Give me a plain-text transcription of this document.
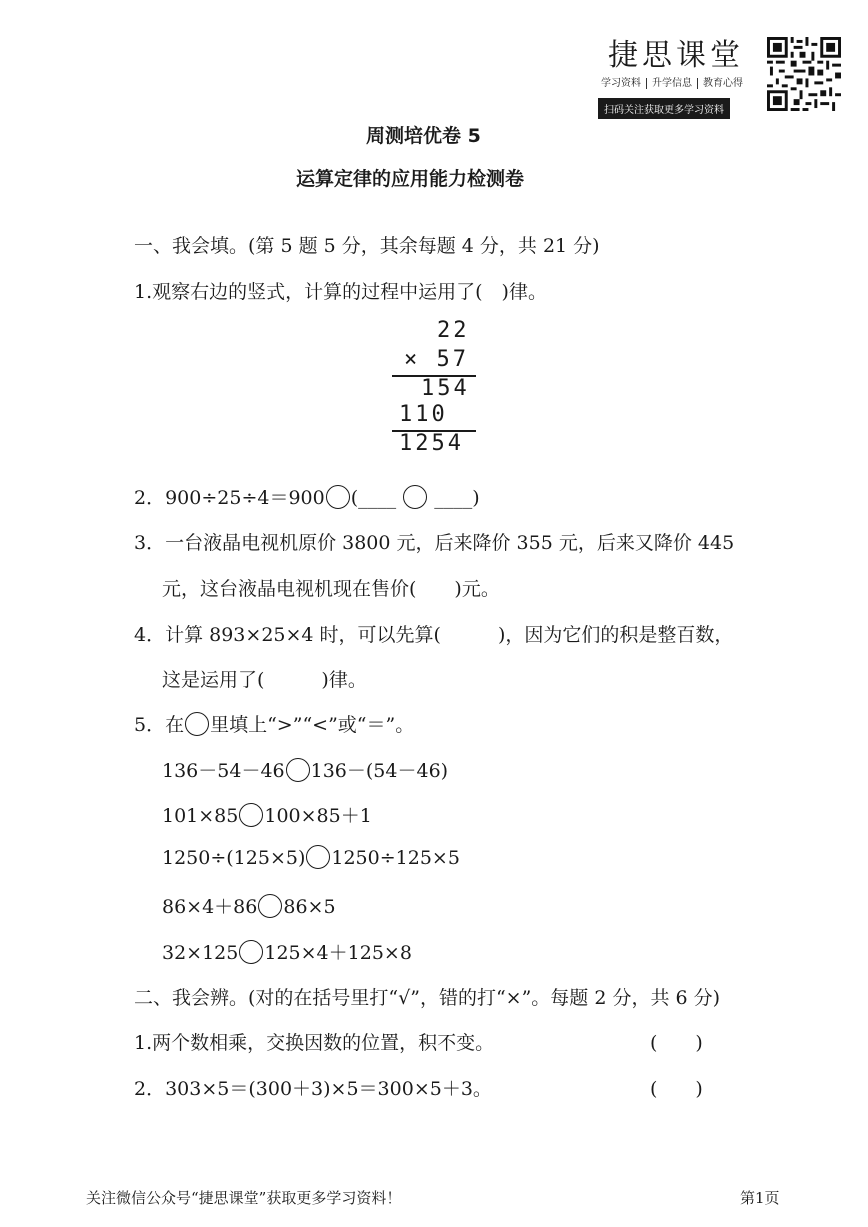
捷思课堂
学习资料 升学信息 教育心得
扫码关注获取更多学习资料
周测培优卷 5
运算定律的应用能力检测卷
一、我会填。(第 5 题 5 分，其余每题 4 分，共 21 分)
1.观察右边的竖式，计算的过程中运用了(　)律。
22
× 57
154
110
1254
2．900÷25÷4＝900 (____ ____)
3．一台液晶电视机原价 3800 元，后来降价 355 元，后来又降价 445
元，这台液晶电视机现在售价(　　)元。
4．计算 893×25×4 时，可以先算(　　　)，因为它们的积是整百数，
这是运用了(　　　)律。
5．在 里填上“>”“<”或“＝”。
136－54－46 136－(54－46)
101×85 100×85＋1
1250÷(125×5) 1250÷125×5
86×4＋86 86×5
32×125 125×4＋125×8
二、我会辨。(对的在括号里打“√”，错的打“×”。每题 2 分，共 6 分)
1.两个数相乘，交换因数的位置，积不变。	(　　)
2．303×5＝(300＋3)×5＝300×5＋3。	(　　)
关注微信公众号“捷思课堂”获取更多学习资料！	第1页
